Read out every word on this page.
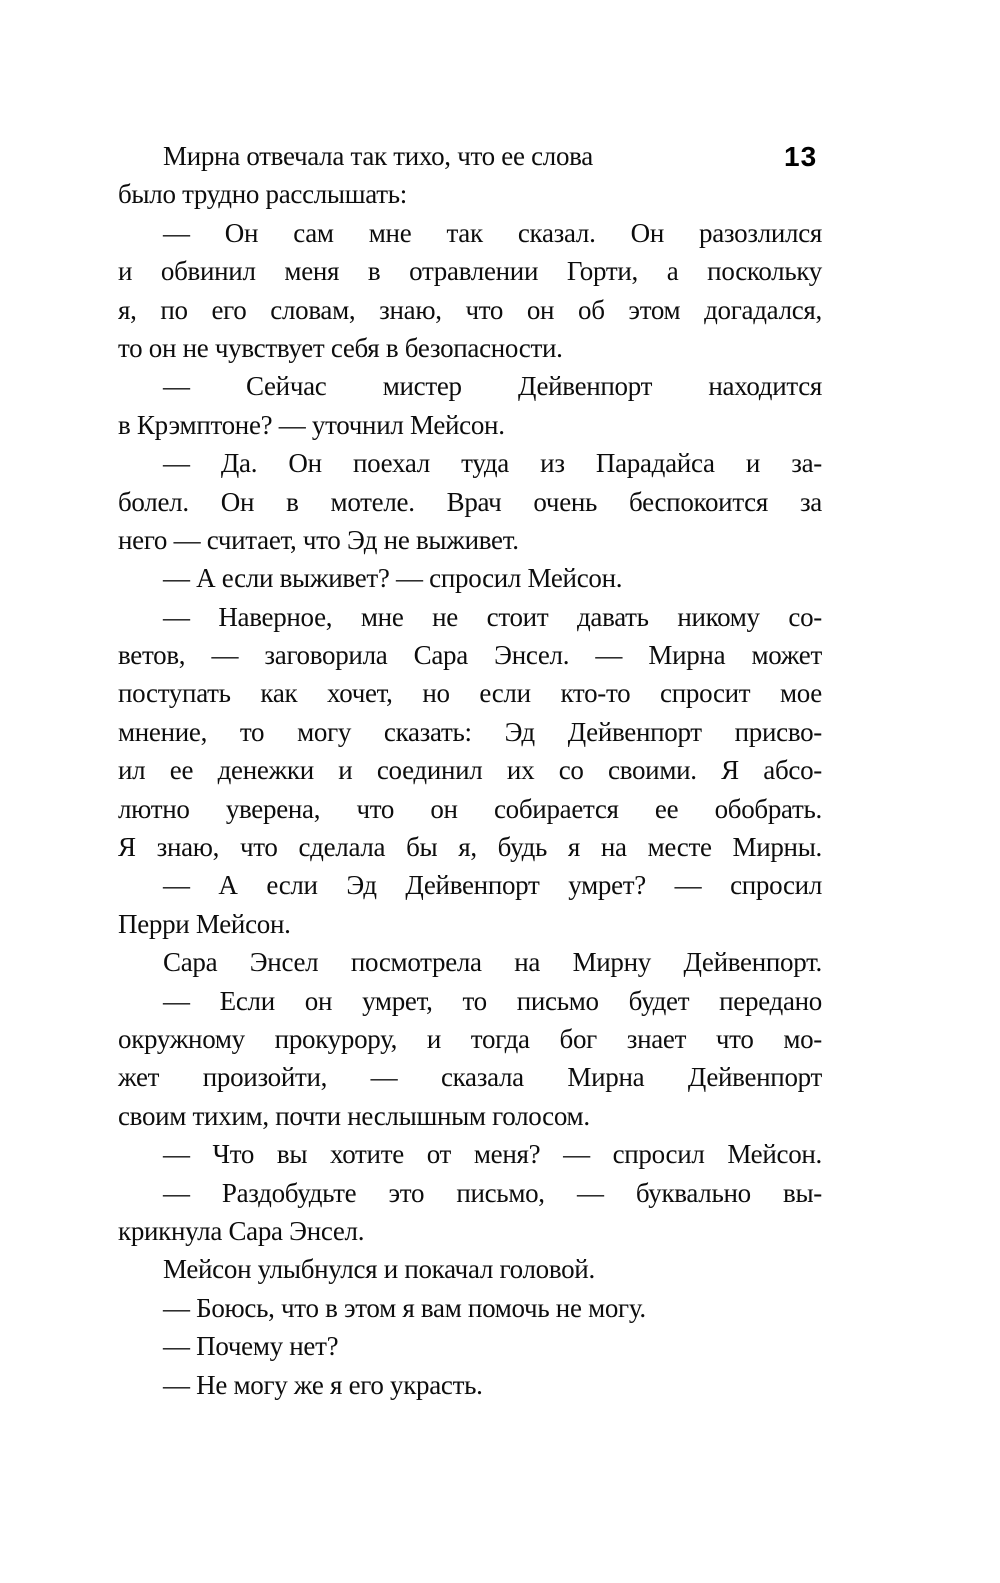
13
Мирна отвечала так тихо, что ее слова
было трудно расслышать:
— Он сам мне так сказал. Он разозлился
и обвинил меня в отравлении Горти, а поскольку
я, по его словам, знаю, что он об этом догадался,
то он не чувствует себя в безопасности.
— Сейчас мистер Дейвенпорт находится
в Крэмптоне? — уточнил Мейсон.
— Да. Он поехал туда из Парадайса и за-
болел. Он в мотеле. Врач очень беспокоится за
него — считает, что Эд не выживет.
— А если выживет? — спросил Мейсон.
— Наверное, мне не стоит давать никому со-
ветов, — заговорила Сара Энсел. — Мирна может
поступать как хочет, но если кто-то спросит мое
мнение, то могу сказать: Эд Дейвенпорт присво-
ил ее денежки и соединил их со своими. Я абсо-
лютно уверена, что он собирается ее обобрать.
Я знаю, что сделала бы я, будь я на месте Мирны.
— А если Эд Дейвенпорт умрет? — спросил
Перри Мейсон.
Сара Энсел посмотрела на Мирну Дейвенпорт.
— Если он умрет, то письмо будет передано
окружному прокурору, и тогда бог знает что мо-
жет произойти, — сказала Мирна Дейвенпорт
своим тихим, почти неслышным голосом.
— Что вы хотите от меня? — спросил Мейсон.
— Раздобудьте это письмо, — буквально вы-
крикнула Сара Энсел.
Мейсон улыбнулся и покачал головой.
— Боюсь, что в этом я вам помочь не могу.
— Почему нет?
— Не могу же я его украсть.
